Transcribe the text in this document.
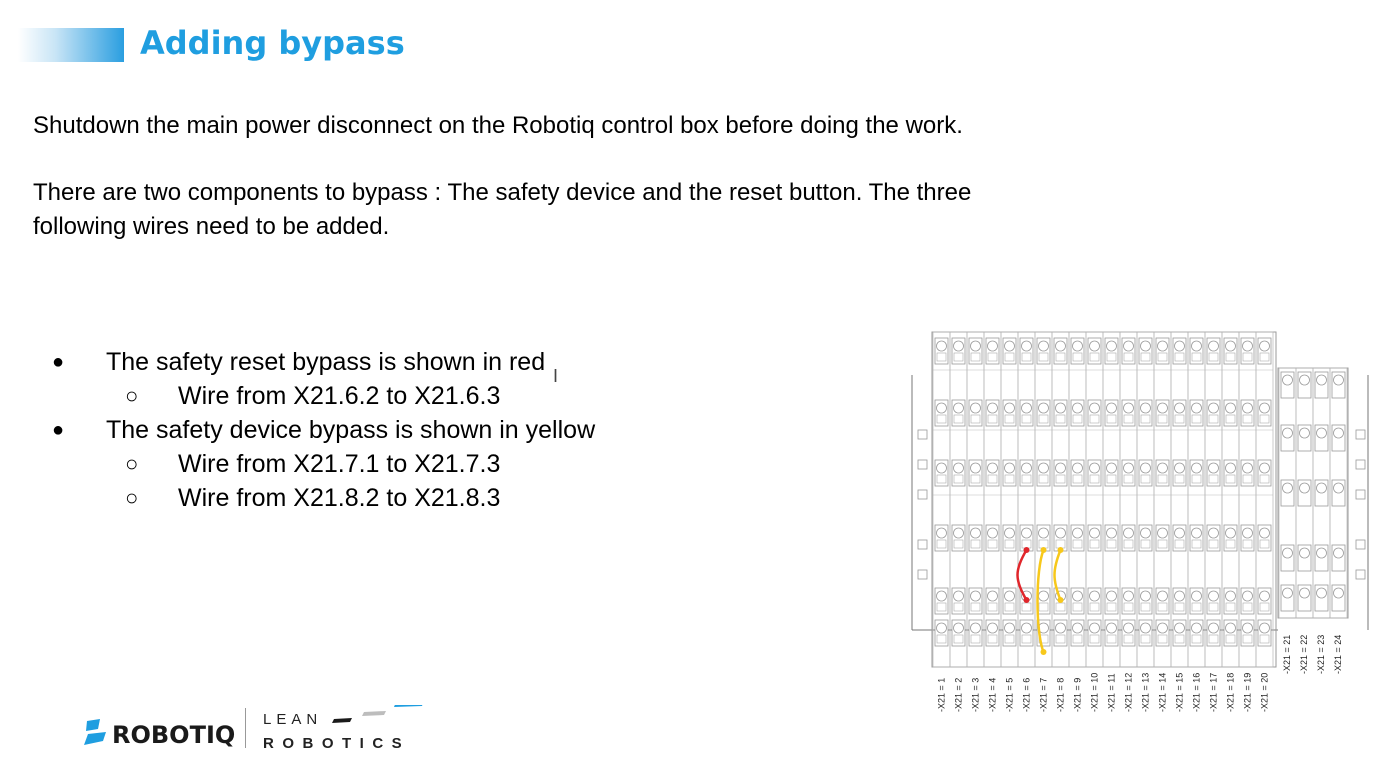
Adding bypass

Shutdown the main power disconnect on the Robotiq control box before doing the work.

There are two components to bypass : The safety device and the reset button. The three

following wires need to be added.

● The safety reset bypass is shown in red
○ Wire from X21.6.2 to X21.6.3
● The safety device bypass is shown in yellow
○ Wire from X21.7.1 to X21.7.3
○ Wire from X21.8.2 to X21.8.3
I
-X21 = 1 -X21 = 2 -X21 = 3 -X21 = 4 -X21 = 5 -X21 = 6 -X21 = 7 -X21 = 8 -X21 = 9 -X21 = 10 -X21 = 11 -X21 = 12 -X21 = 13 -X21 = 14 -X21 = 15 -X21 = 16 -X21 = 17 -X21 = 18 -X21 = 19 -X21 = 20
-X21 = 21 -X21 = 22 -X21 = 23 -X21 = 24
ROBOTIQ
LEAN
ROBOTICS
